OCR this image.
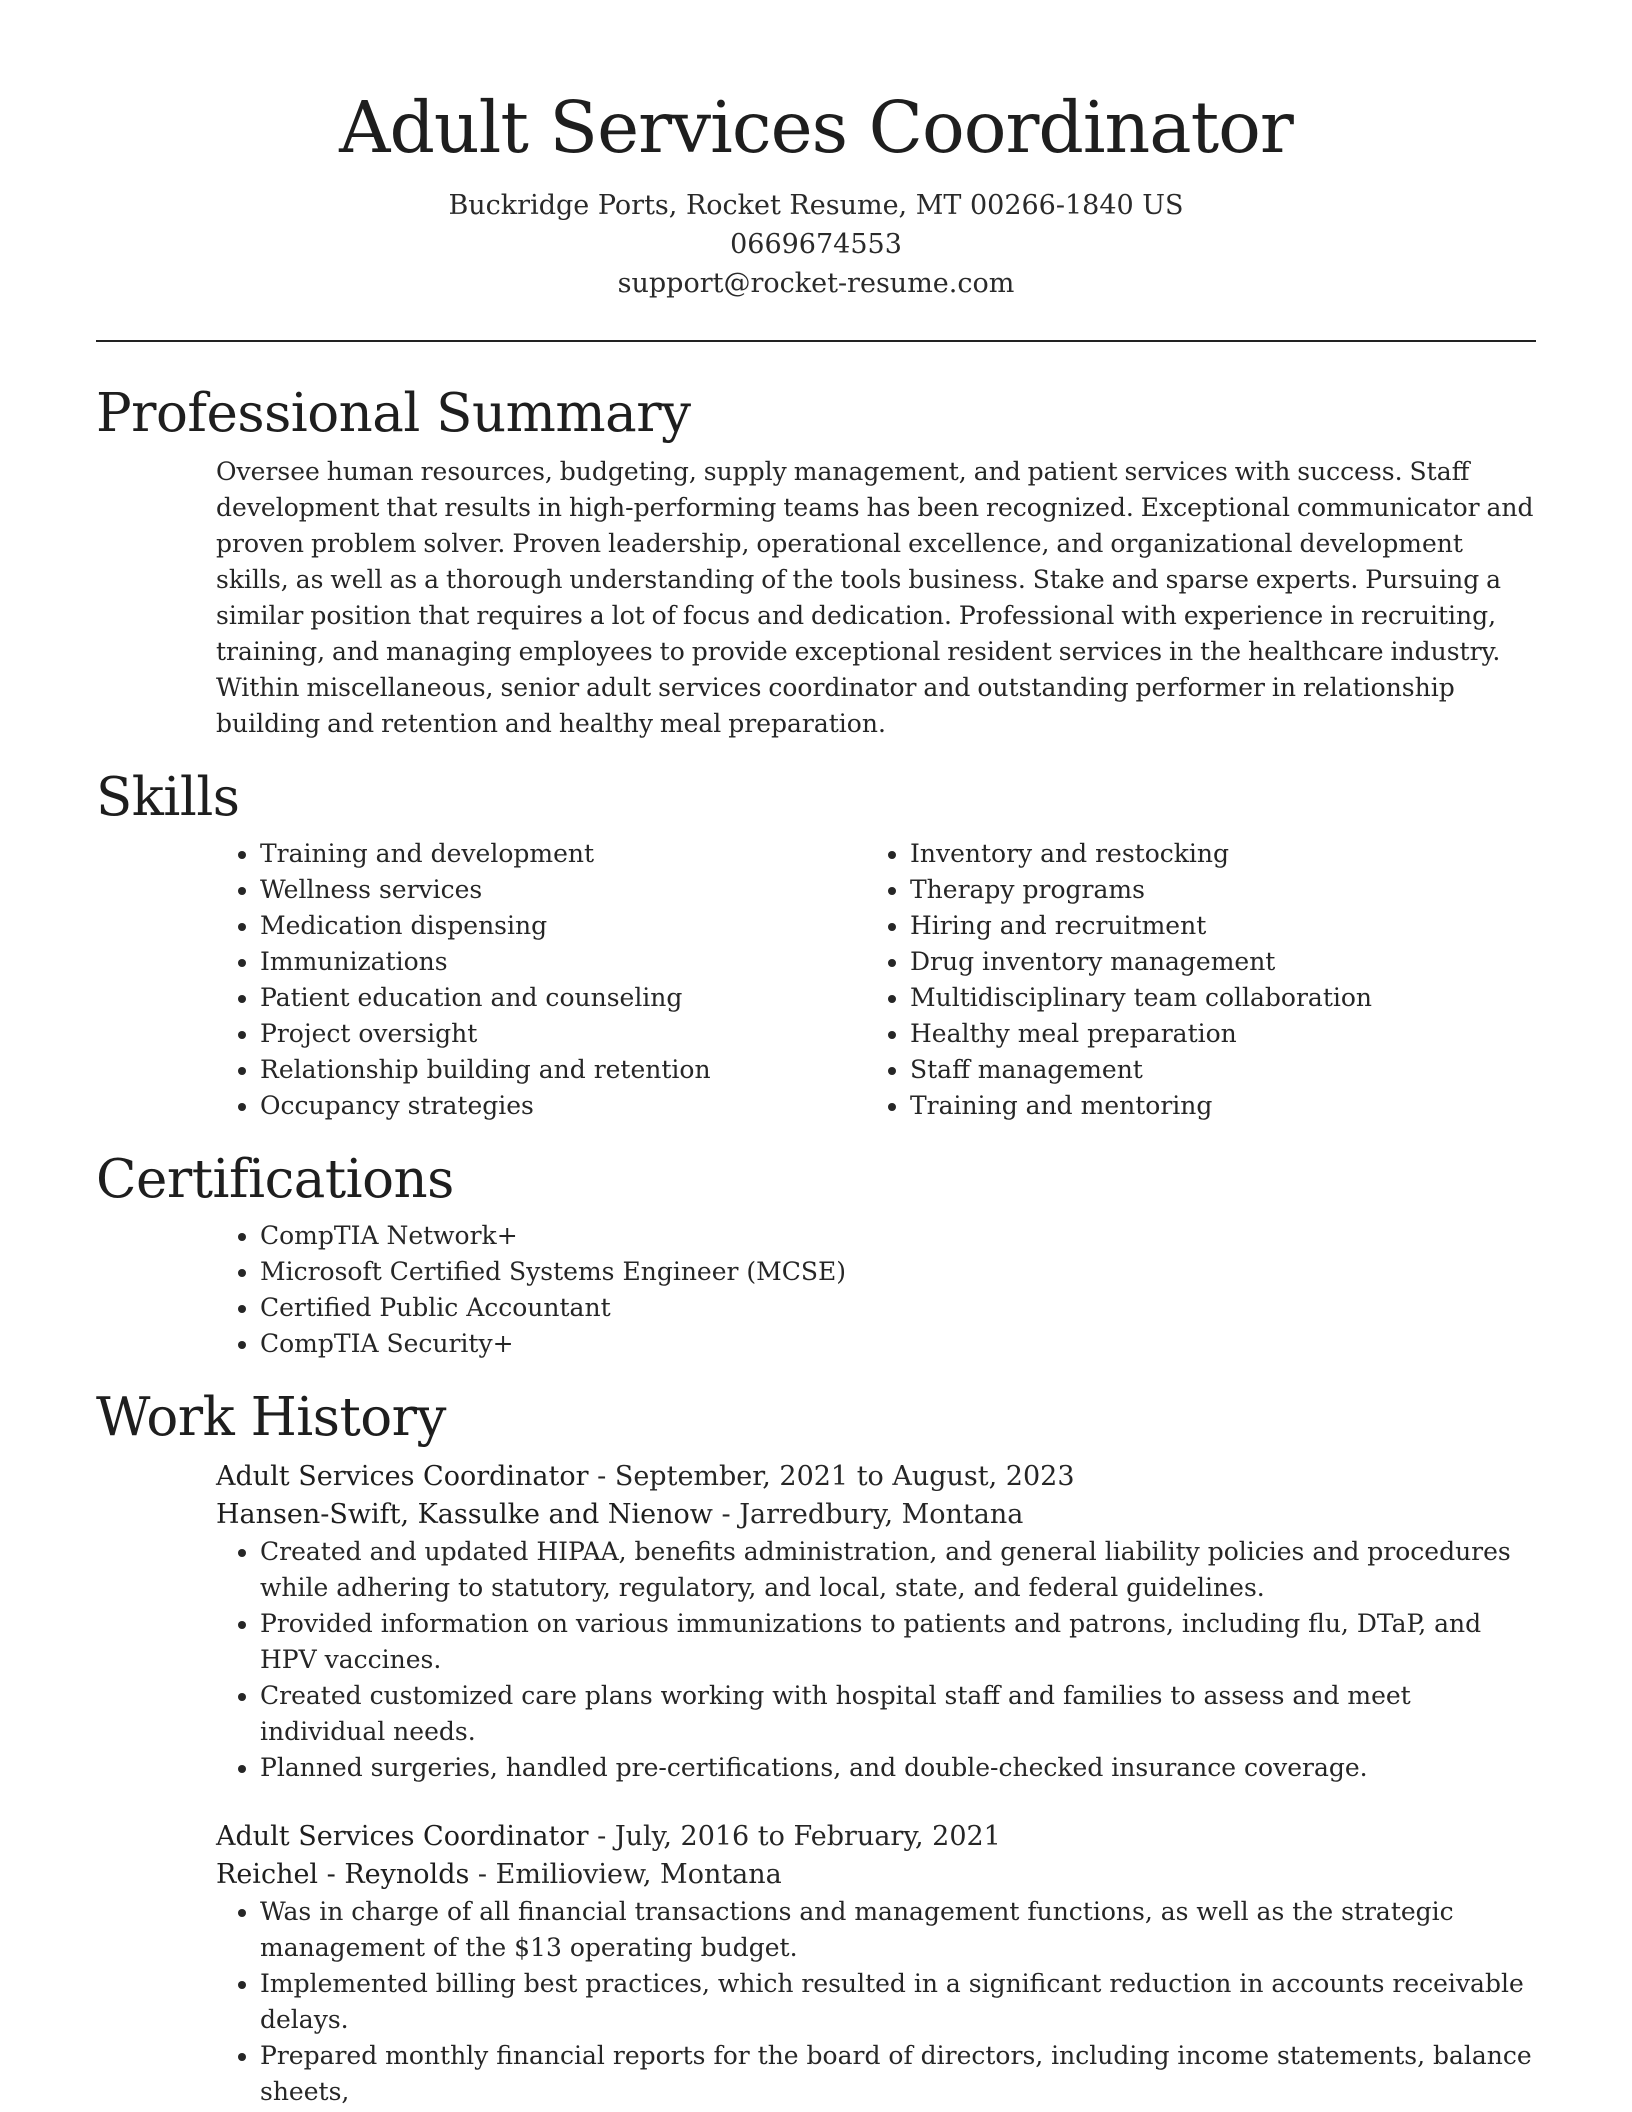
Adult Services Coordinator
Buckridge Ports, Rocket Resume, MT 00266-1840 US
0669674553
support@rocket-resume.com
Professional Summary

Oversee human resources, budgeting, supply management, and patient services with success. Staff development that results in high-performing teams has been recognized. Exceptional communicator and proven problem solver. Proven leadership, operational excellence, and organizational development skills, as well as a thorough understanding of the tools business. Stake and sparse experts. Pursuing a similar position that requires a lot of focus and dedication. Professional with experience in recruiting, training, and managing employees to provide exceptional resident services in the healthcare industry. Within miscellaneous, senior adult services coordinator and outstanding performer in relationship building and retention and healthy meal preparation.

Skills
• Training and development
• Wellness services
• Medication dispensing
• Immunizations
• Patient education and counseling
• Project oversight
• Relationship building and retention
• Occupancy strategies
• Inventory and restocking
• Therapy programs
• Hiring and recruitment
• Drug inventory management
• Multidisciplinary team collaboration
• Healthy meal preparation
• Staff management
• Training and mentoring
Certifications
• CompTIA Network+
• Microsoft Certified Systems Engineer (MCSE)
• Certified Public Accountant
• CompTIA Security+
Work History
Adult Services Coordinator - September, 2021 to August, 2023
Hansen-Swift, Kassulke and Nienow - Jarredbury, Montana
• Created and updated HIPAA, benefits administration, and general liability policies and procedures while adhering to statutory, regulatory, and local, state, and federal guidelines.
• Provided information on various immunizations to patients and patrons, including flu, DTaP, and HPV vaccines.
• Created customized care plans working with hospital staff and families to assess and meet individual needs.
• Planned surgeries, handled pre-certifications, and double-checked insurance coverage.
Adult Services Coordinator - July, 2016 to February, 2021
Reichel - Reynolds - Emilioview, Montana
• Was in charge of all financial transactions and management functions, as well as the strategic management of the $13 operating budget.
• Implemented billing best practices, which resulted in a significant reduction in accounts receivable delays.
• Prepared monthly financial reports for the board of directors, including income statements, balance sheets,
